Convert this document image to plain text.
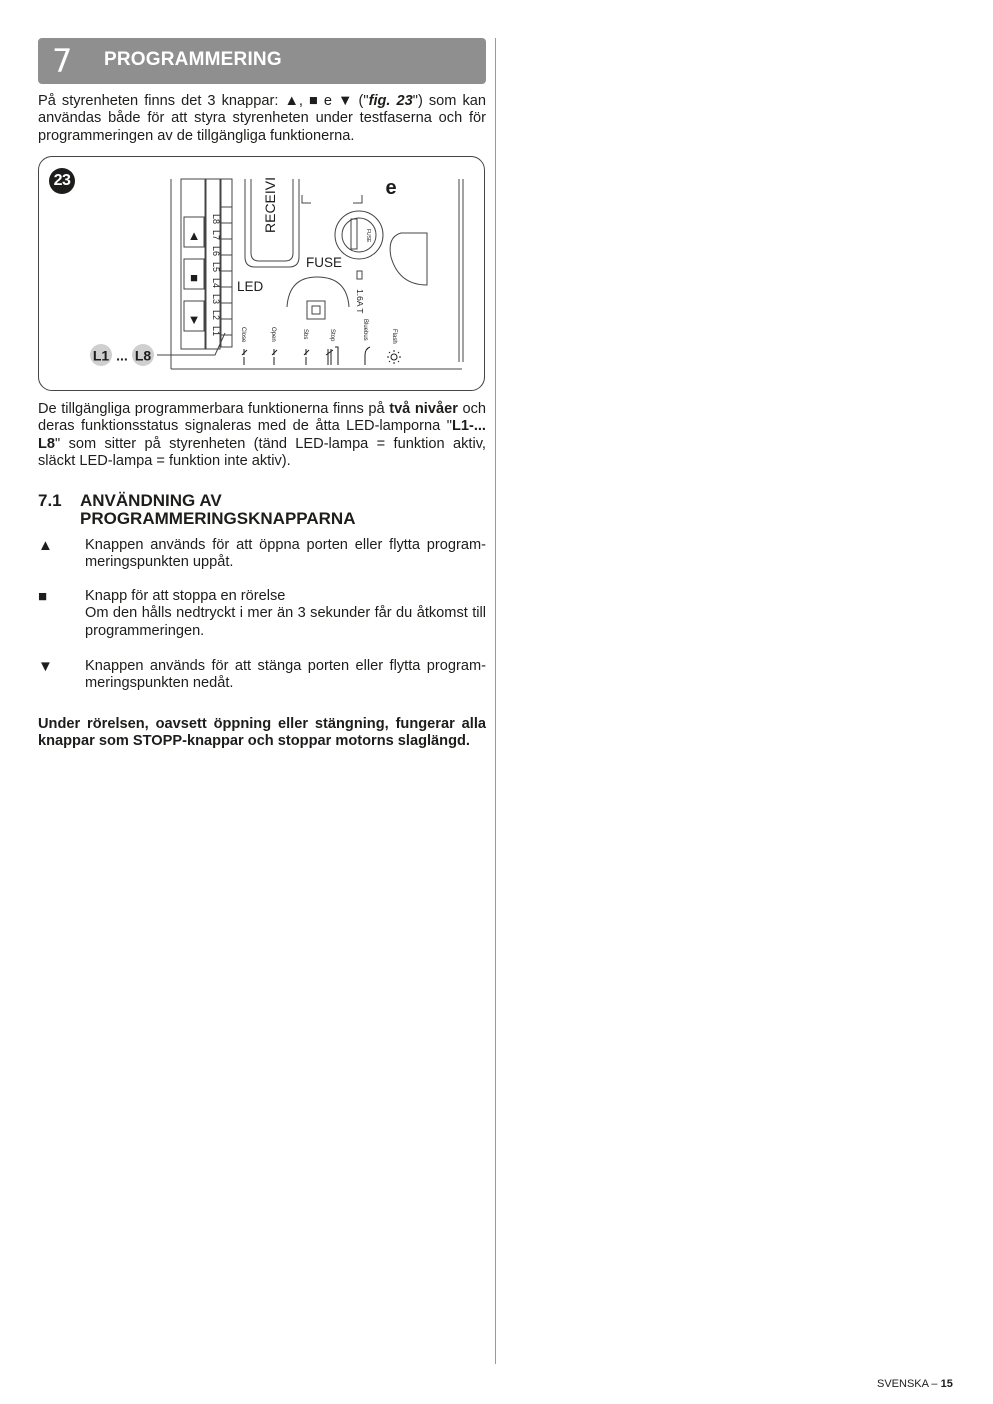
7 PROGRAMMERING

På styrenheten finns det 3 knappar: ▲, ■ e ▼ ("fig. 23") som kan användas både för att styra styrenheten under testfaserna och för programmeringen av de tillgängliga funktionerna.

23
▲
■
▼
L8
L7
L6
L5
L4
L3
L2
L1
RECEIVI
FUSE
FUSE
1.6A T
LED
e
Close	Open	Sbs	Stop	Bluebus	Flash
L1 ... L8

De tillgängliga programmerbara funktionerna finns på två nivåer och deras funktionsstatus signaleras med de åtta LED-lamporna "L1-... L8" som sitter på styrenheten (tänd LED-lampa = funktion aktiv, släckt LED-lampa = funktion inte aktiv).

7.1 ANVÄNDNING AV PROGRAMMERINGSKNAPPARNA
▲	Knappen används för att öppna porten eller flytta program- meringspunkten uppåt.
■	Knapp för att stoppa en rörelse
Om den hålls nedtryckt i mer än 3 sekunder får du åtkomst till programmeringen.
▼	Knappen används för att stänga porten eller flytta program- meringspunkten nedåt.

Under rörelsen, oavsett öppning eller stängning, fungerar alla knappar som STOPP-knappar och stoppar motorns slaglängd.

SVENSKA – 15
